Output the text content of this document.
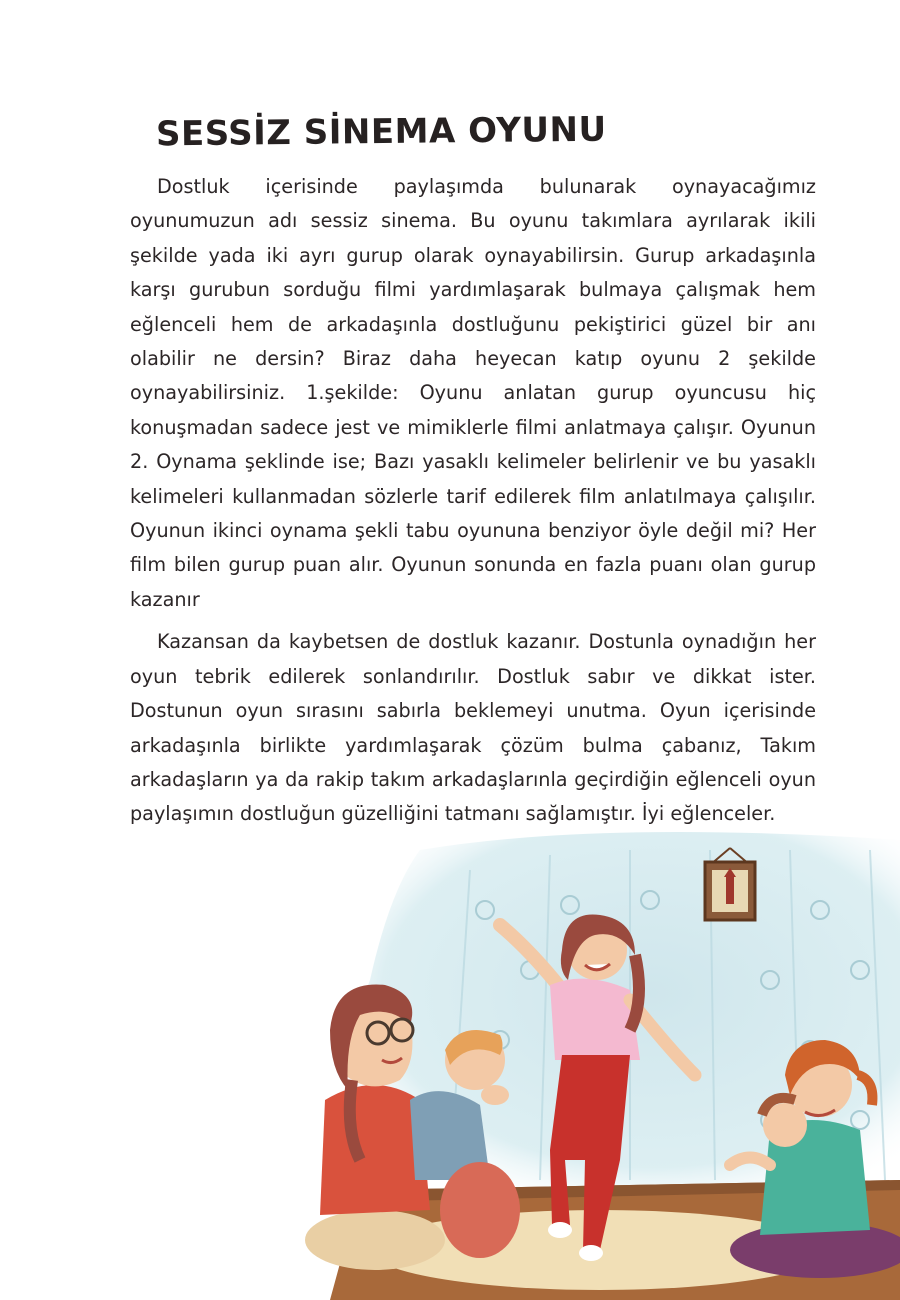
SESSİZ SİNEMA OYUNU

Dostluk içerisinde paylaşımda bulunarak oynayacağımız oyunumuzun adı sessiz sinema. Bu oyunu takımlara ayrılarak ikili şekilde yada iki ayrı gurup olarak oynayabilirsin. Gurup arkadaşınla karşı gurubun sorduğu filmi yardımlaşarak bulmaya çalışmak hem eğlenceli hem de arkadaşınla dostluğunu pekiştirici güzel bir anı olabilir ne dersin? Biraz daha heyecan katıp oyunu 2 şekilde oynayabilirsiniz. 1.şekilde: Oyunu anlatan gurup oyuncusu hiç konuşmadan sadece jest ve mimiklerle filmi anlatmaya çalışır. Oyunun 2. Oynama şeklinde ise; Bazı yasaklı kelimeler belirlenir ve bu yasaklı kelimeleri kullanmadan sözlerle tarif edilerek film anlatılmaya çalışılır. Oyunun ikinci oynama şekli tabu oyununa benziyor öyle değil mi? Her film bilen gurup puan alır. Oyunun sonunda en fazla puanı olan gurup kazanır

Kazansan da kaybetsen de dostluk kazanır. Dostunla oynadığın her oyun tebrik edilerek sonlandırılır. Dostluk sabır ve dikkat ister. Dostunun oyun sırasını sabırla beklemeyi unutma. Oyun içerisinde arkadaşınla birlikte yardımlaşarak çözüm bulma çabanız, Takım arkadaşların ya da rakip takım arkadaşlarınla geçirdiğin eğlenceli oyun paylaşımın dostluğun güzelliğini tatmanı sağlamıştır. İyi eğlenceler.
